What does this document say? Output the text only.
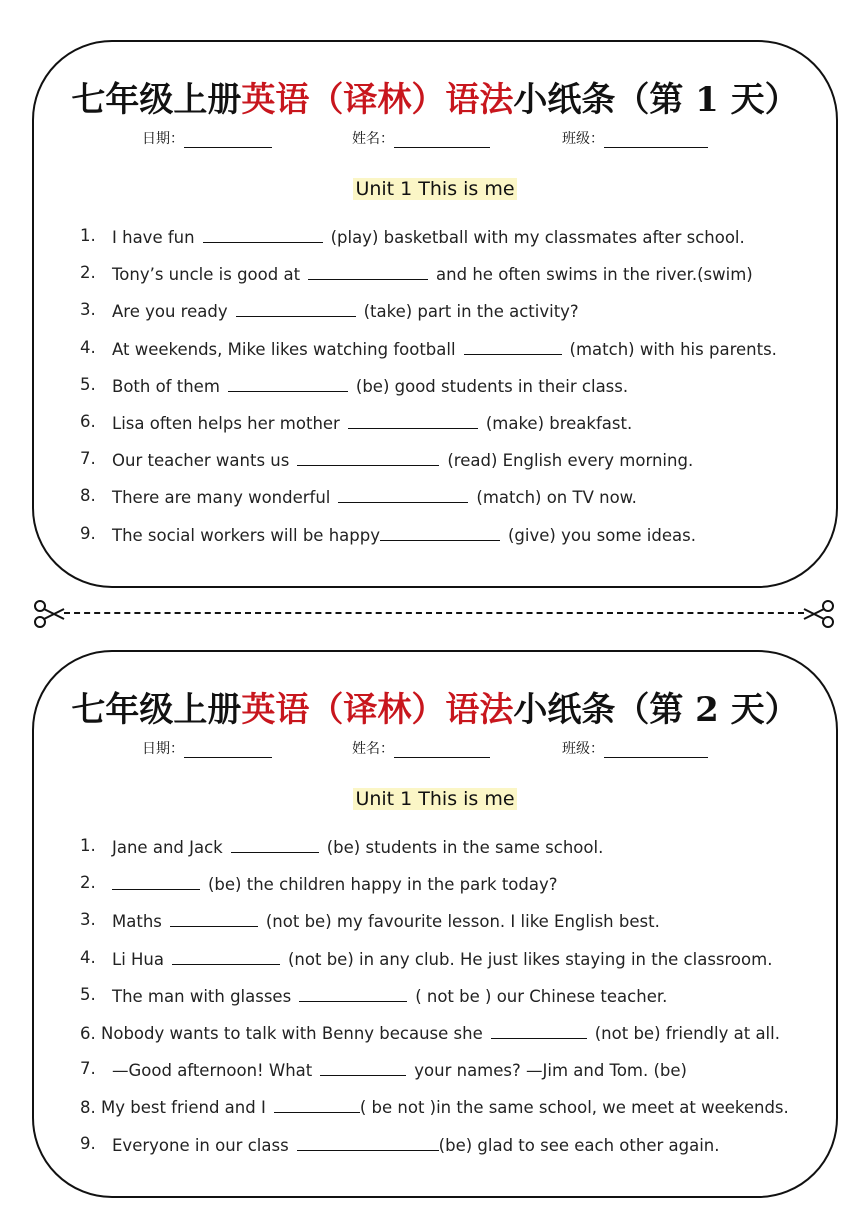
七年级上册英语（译林）语法小纸条（第 1 天）
日期：	姓名：	班级：
Unit 1 This is me
1. I have fun	(play) basketball with my classmates after school.
2. Tony’s uncle is good at	and he often swims in the river.(swim)
3. Are you ready	(take) part in the activity?
4. At weekends, Mike likes watching football	(match) with his parents.
5. Both of them	(be) good students in their class.
6. Lisa often helps her mother	(make) breakfast.
7. Our teacher wants us	(read) English every morning.
8. There are many wonderful	(match) on TV now.
9. The social workers will be happy	(give) you some ideas.
七年级上册英语（译林）语法小纸条（第 2 天）
日期：	姓名：	班级：
Unit 1 This is me
1. Jane and Jack	(be) students in the same school.
2.	(be) the children happy in the park today?
3. Maths	(not be) my favourite lesson. I like English best.
4. Li Hua	(not be) in any club. He just likes staying in the classroom.
5. The man with glasses	( not be ) our Chinese teacher.
6. Nobody wants to talk with Benny because she	(not be) friendly at all.
7. —Good afternoon! What	your names? —Jim and Tom. (be)
8. My best friend and I	( be not )in the same school, we meet at weekends.
9. Everyone in our class	(be) glad to see each other again.
